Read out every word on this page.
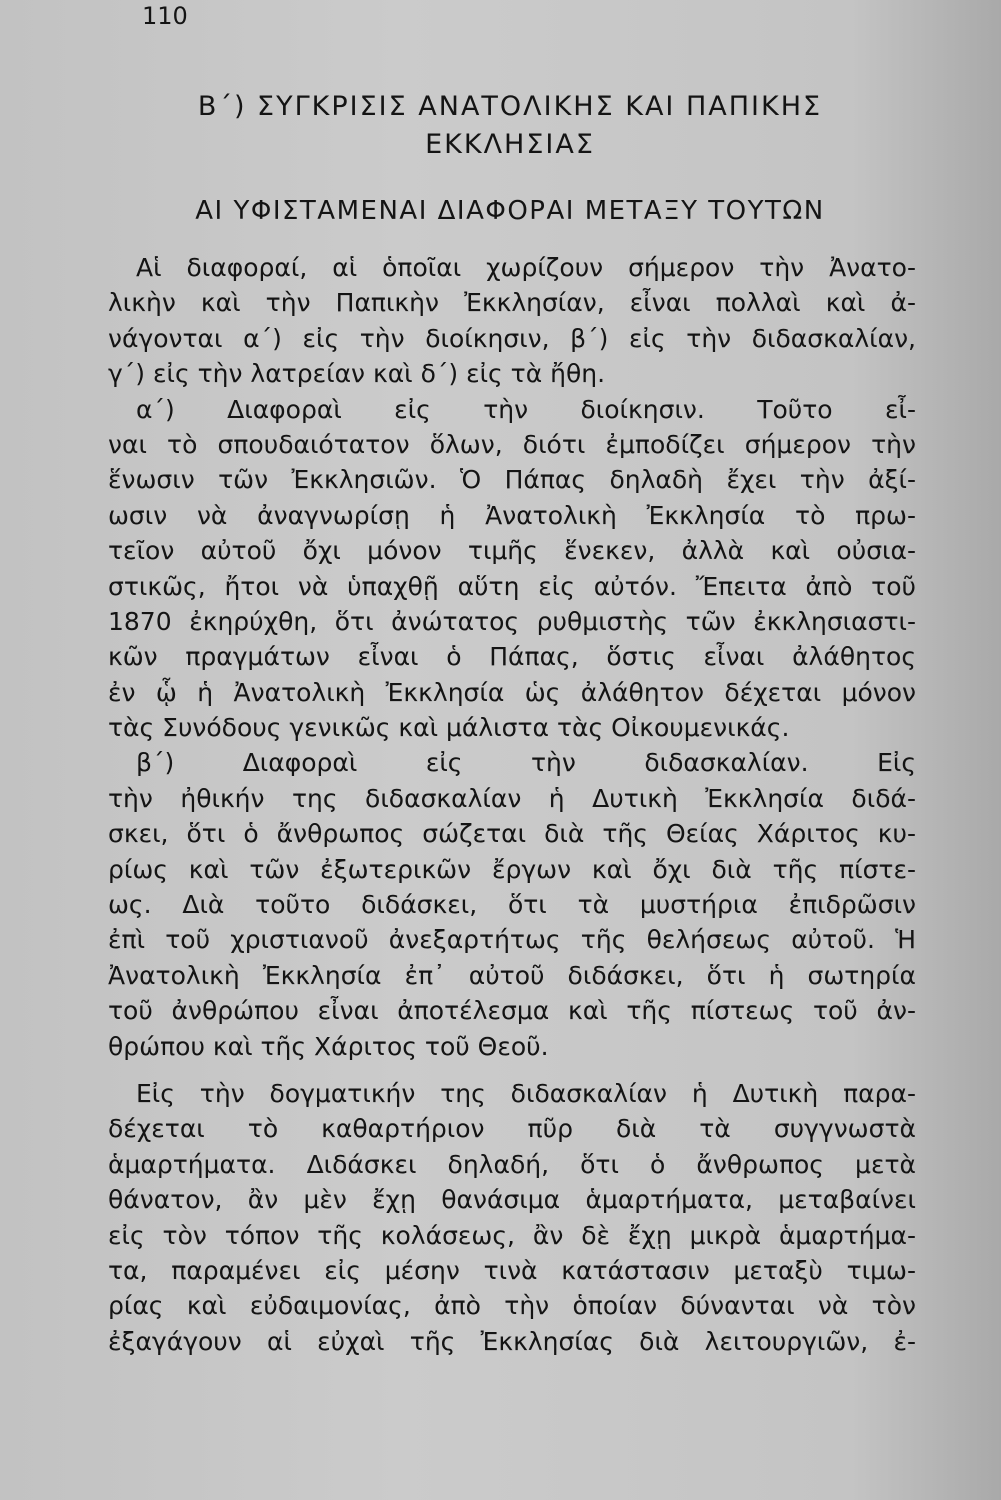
110
Β΄) ΣΥΓΚΡΙΣΙΣ ΑΝΑΤΟΛΙΚΗΣ ΚΑΙ ΠΑΠΙΚΗΣ
ΕΚΚΛΗΣΙΑΣ
ΑΙ ΥΦΙΣΤΑΜΕΝΑΙ ΔΙΑΦΟΡΑΙ ΜΕΤΑΞΥ ΤΟΥΤΩΝ
Αἱ διαφοραί, αἱ ὁποῖαι χωρίζουν σήμερον τὴν Ἀνατο-
λικὴν καὶ τὴν Παπικὴν Ἐκκλησίαν, εἶναι πολλαὶ καὶ ἀ-
νάγονται α΄) εἰς τὴν διοίκησιν, β΄) εἰς τὴν διδασκαλίαν,
γ΄) εἰς τὴν λατρείαν καὶ δ΄) εἰς τὰ ἤθη.
α΄) Διαφοραὶ εἰς τὴν διοίκησιν. Τοῦτο εἶ-
ναι τὸ σπουδαιότατον ὅλων, διότι ἐμποδίζει σήμερον τὴν
ἕνωσιν τῶν Ἐκκλησιῶν. Ὁ Πάπας δηλαδὴ ἔχει τὴν ἀξί-
ωσιν νὰ ἀναγνωρίσῃ ἡ Ἀνατολικὴ Ἐκκλησία τὸ πρω-
τεῖον αὐτοῦ ὄχι μόνον τιμῆς ἕνεκεν, ἀλλὰ καὶ οὐσια-
στικῶς, ἤτοι νὰ ὑπαχθῇ αὕτη εἰς αὐτόν. Ἔπειτα ἀπὸ τοῦ
1870 ἐκηρύχθη, ὅτι ἀνώτατος ρυθμιστὴς τῶν ἐκκλησιαστι-
κῶν πραγμάτων εἶναι ὁ Πάπας, ὅστις εἶναι ἀλάθητος
ἐν ᾧ ἡ Ἀνατολικὴ Ἐκκλησία ὡς ἀλάθητον δέχεται μόνον
τὰς Συνόδους γενικῶς καὶ μάλιστα τὰς Οἰκουμενικάς.
β΄) Διαφοραὶ εἰς τὴν διδασκαλίαν. Εἰς
τὴν ἠθικήν της διδασκαλίαν ἡ Δυτικὴ Ἐκκλησία διδά-
σκει, ὅτι ὁ ἄνθρωπος σώζεται διὰ τῆς Θείας Χάριτος κυ-
ρίως καὶ τῶν ἐξωτερικῶν ἔργων καὶ ὄχι διὰ τῆς πίστε-
ως. Διὰ τοῦτο διδάσκει, ὅτι τὰ μυστήρια ἐπιδρῶσιν
ἐπὶ τοῦ χριστιανοῦ ἀνεξαρτήτως τῆς θελήσεως αὐτοῦ. Ἡ
Ἀνατολικὴ Ἐκκλησία ἐπ᾽ αὐτοῦ διδάσκει, ὅτι ἡ σωτηρία
τοῦ ἀνθρώπου εἶναι ἀποτέλεσμα καὶ τῆς πίστεως τοῦ ἀν-
θρώπου καὶ τῆς Χάριτος τοῦ Θεοῦ.
Εἰς τὴν δογματικήν της διδασκαλίαν ἡ Δυτικὴ παρα-
δέχεται τὸ καθαρτήριον πῦρ διὰ τὰ συγγνωστὰ
ἁμαρτήματα. Διδάσκει δηλαδή, ὅτι ὁ ἄνθρωπος μετὰ
θάνατον, ἂν μὲν ἔχῃ θανάσιμα ἁμαρτήματα, μεταβαίνει
εἰς τὸν τόπον τῆς κολάσεως, ἂν δὲ ἔχῃ μικρὰ ἁμαρτήμα-
τα, παραμένει εἰς μέσην τινὰ κατάστασιν μεταξὺ τιμω-
ρίας καὶ εὐδαιμονίας, ἀπὸ τὴν ὁποίαν δύνανται νὰ τὸν
ἐξαγάγουν αἱ εὐχαὶ τῆς Ἐκκλησίας διὰ λειτουργιῶν, ἐ-
